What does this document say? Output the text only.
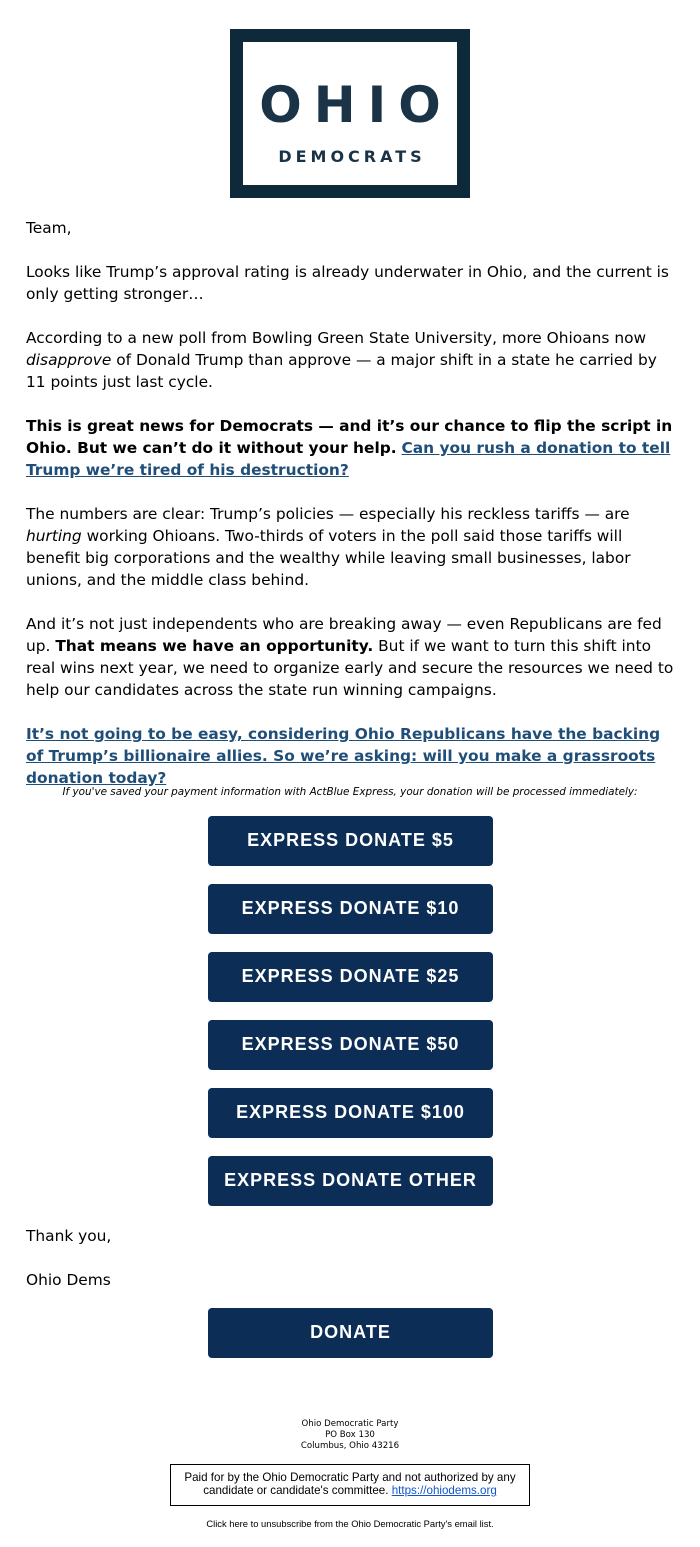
OHIO
DEMOCRATS

Team,

Looks like Trump’s approval rating is already underwater in Ohio, and the current is only getting stronger…

According to a new poll from Bowling Green State University, more Ohioans now disapprove of Donald Trump than approve — a major shift in a state he carried by 11 points just last cycle.

This is great news for Democrats — and it’s our chance to flip the script in Ohio. But we can’t do it without your help. Can you rush a donation to tell Trump we’re tired of his destruction?

The numbers are clear: Trump’s policies — especially his reckless tariffs — are hurting working Ohioans. Two-thirds of voters in the poll said those tariffs will benefit big corporations and the wealthy while leaving small businesses, labor unions, and the middle class behind.

And it’s not just independents who are breaking away — even Republicans are fed up. That means we have an opportunity. But if we want to turn this shift into real wins next year, we need to organize early and secure the resources we need to help our candidates across the state run winning campaigns.

It’s not going to be easy, considering Ohio Republicans have the backing of Trump’s billionaire allies. So we’re asking: will you make a grassroots donation today?

If you've saved your payment information with ActBlue Express, your donation will be processed immediately:
EXPRESS DONATE $5
EXPRESS DONATE $10
EXPRESS DONATE $25
EXPRESS DONATE $50
EXPRESS DONATE $100
EXPRESS DONATE OTHER

Thank you,

Ohio Dems

DONATE
Ohio Democratic Party
PO Box 130
Columbus, Ohio 43216
Paid for by the Ohio Democratic Party and not authorized by any candidate or candidate's committee. https://ohiodems.org
Click here to unsubscribe from the Ohio Democratic Party's email list.
